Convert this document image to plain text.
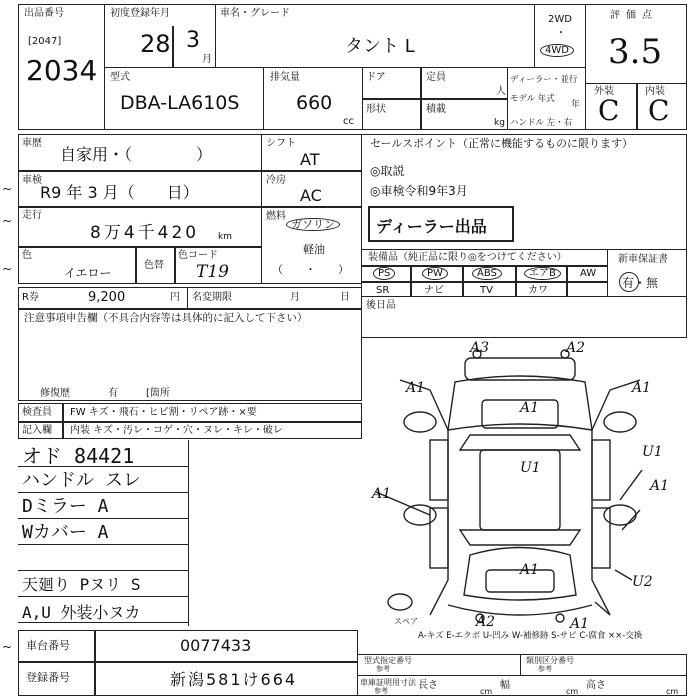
出品番号
[2047]
2034
初度登録年月
28 3
月
車名・グレード
タント L
2WD
・
4WD
評価点
3.5
型式
DBA-LA610S
排気量
660
cc
ドア	定員
人
形状	積載
kg
ディーラー・並行
モデル 年式
年
ハンドル 左・右
外装	内装
C C
車歴
自家用・（　　　　）
車検
R9 年 3 月（　　日）
走行
8万4千420 km
色
イエロー
色替
色コード
T19
R券	9,200	円 名変期限	月	日
シフト
AT
冷房
AC
燃料
ガソリン
軽油
（　　・　　）
セールスポイント（正常に機能するものに限ります）
◎取説
◎車検令和9年3月
ディーラー出品
装備品（純正品に限り◎をつけてください）
PS	PW	ABS	エアB	AW
SR	ナビ	TV	カワ
新車保証書
有・無
後日品
注意事項申告欄（不具合内容等は具体的に記入して下さい）
修復歴	有	[箇所
検査員 FW キズ・飛石・ヒビ割・リペア跡・×要
記入欄 内装 キズ・汚レ・コゲ・穴・ヌレ・キレ・破レ
オド 84421
ハンドル スレ
Dミラー A
Wカバー A
天廻り Pヌリ S
A,U 外装小ヌカ
A3	A2
A1	A1
A1
U1
U1
A1
A1
A1
U2
A2	A1
スペア
A-キズ E-エクボ U-凹み W-補修跡 S-サビ C-腐食 ××-交換
車台番号	0077433
登録番号	新潟581け664
型式指定番号
参考
類別区分番号
参考
車庫証明用寸法
参考	長さ
cm
幅
cm
高さ
cm
~
~
~
~
